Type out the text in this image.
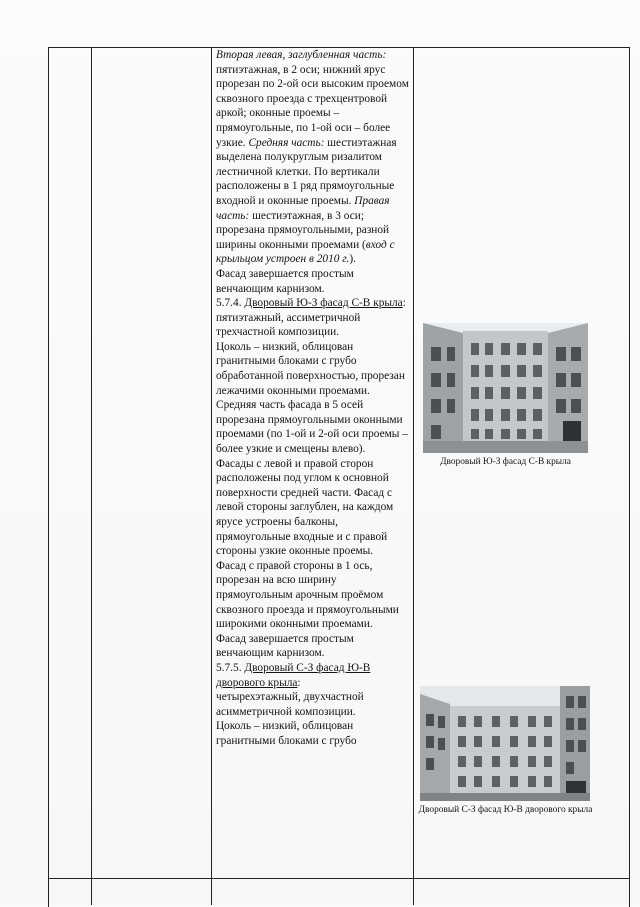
Вторая левая, заглубленная часть: пятиэтажная, в 2 оси; нижний ярус прорезан по 2-ой оси высоким проемом сквозного проезда с трехцентровой аркой; оконные проемы – прямоугольные, по 1-ой оси – более узкие. Средняя часть: шестиэтажная выделена полукруглым ризалитом лестничной клетки. По вертикали расположены в 1 ряд прямоугольные входной и оконные проемы. Правая часть: шестиэтажная, в 3 оси; прорезана прямоугольными, разной ширины оконными проемами (вход с крыльцом устроен в 2010 г.).

Фасад завершается простым венчающим карнизом.

5.7.4. Дворовый Ю-З фасад С-В крыла:

пятиэтажный, ассиметричной трехчастной композиции.

Цоколь – низкий, облицован гранитными блоками с грубо обработанной поверхностью, прорезан лежачими оконными проемами.

Средняя часть фасада в 5 осей прорезана прямоугольными оконными проемами (по 1-ой и 2-ой оси проемы – более узкие и смещены влево).

Фасады с левой и правой сторон расположены под углом к основной поверхности средней части. Фасад с левой стороны заглублен, на каждом ярусе устроены балконы, прямоугольные входные и с правой стороны узкие оконные проемы.

Фасад с правой стороны в 1 ось, прорезан на всю ширину прямоугольным арочным проёмом сквозного проезда и прямоугольными широкими оконными проемами.

Фасад завершается простым венчающим карнизом.

5.7.5. Дворовый С-З фасад Ю-В дворового крыла:

четырехэтажный, двухчастной асимметричной композиции.

Цоколь – низкий, облицован гранитными блоками с грубо

Дворовый Ю-З фасад С-В крыла
Дворовый С-З фасад Ю-В дворового крыла
